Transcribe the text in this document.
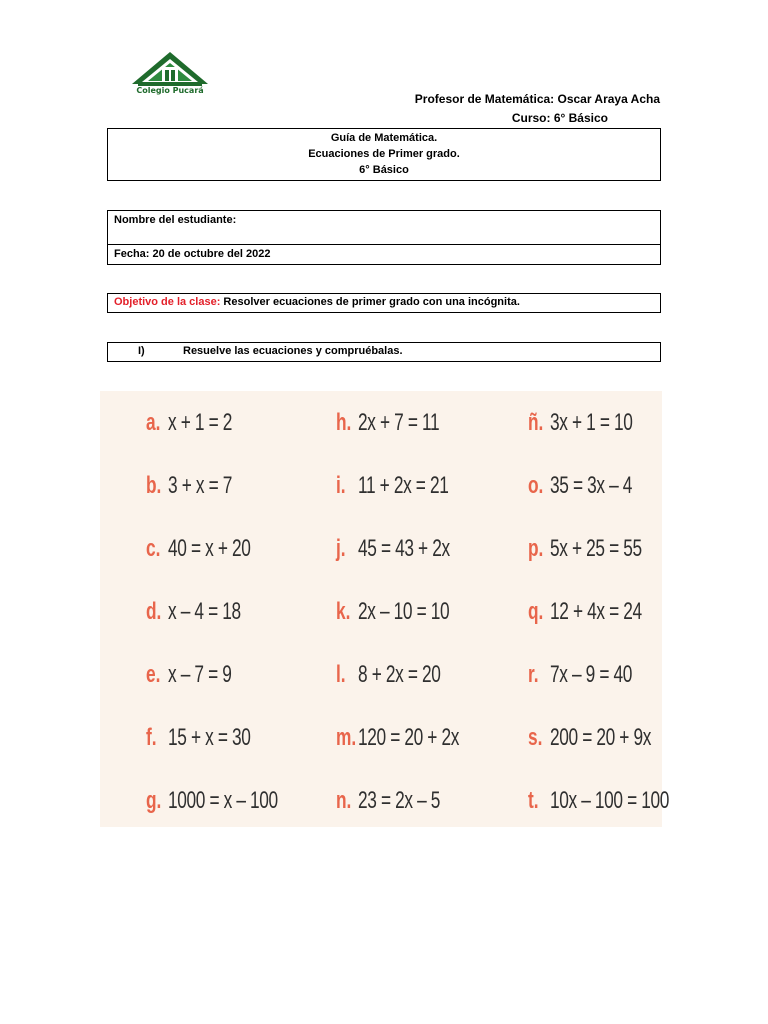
Colegio Pucará
Profesor de Matemática: Oscar Araya Acha
Curso: 6° Básico
Guía de Matemática.
Ecuaciones de Primer grado.
6° Básico
Nombre del estudiante:
Fecha: 20 de octubre del 2022
Objetivo de la clase: Resolver ecuaciones de primer grado con una incógnita.
I)	Resuelve las ecuaciones y compruébalas.
a. x + 1 = 2
b. 3 + x = 7
c. 40 = x + 20
d. x – 4 = 18
e. x – 7 = 9
f. 15 + x = 30
g. 1000 = x – 100
h. 2x + 7 = 11
i. 11 + 2x = 21
j. 45 = 43 + 2x
k. 2x – 10 = 10
l. 8 + 2x = 20
m.120 = 20 + 2x
n. 23 = 2x – 5
ñ. 3x + 1 = 10
o. 35 = 3x – 4
p. 5x + 25 = 55
q. 12 + 4x = 24
r. 7x – 9 = 40
s. 200 = 20 + 9x
t. 10x – 100 = 100
